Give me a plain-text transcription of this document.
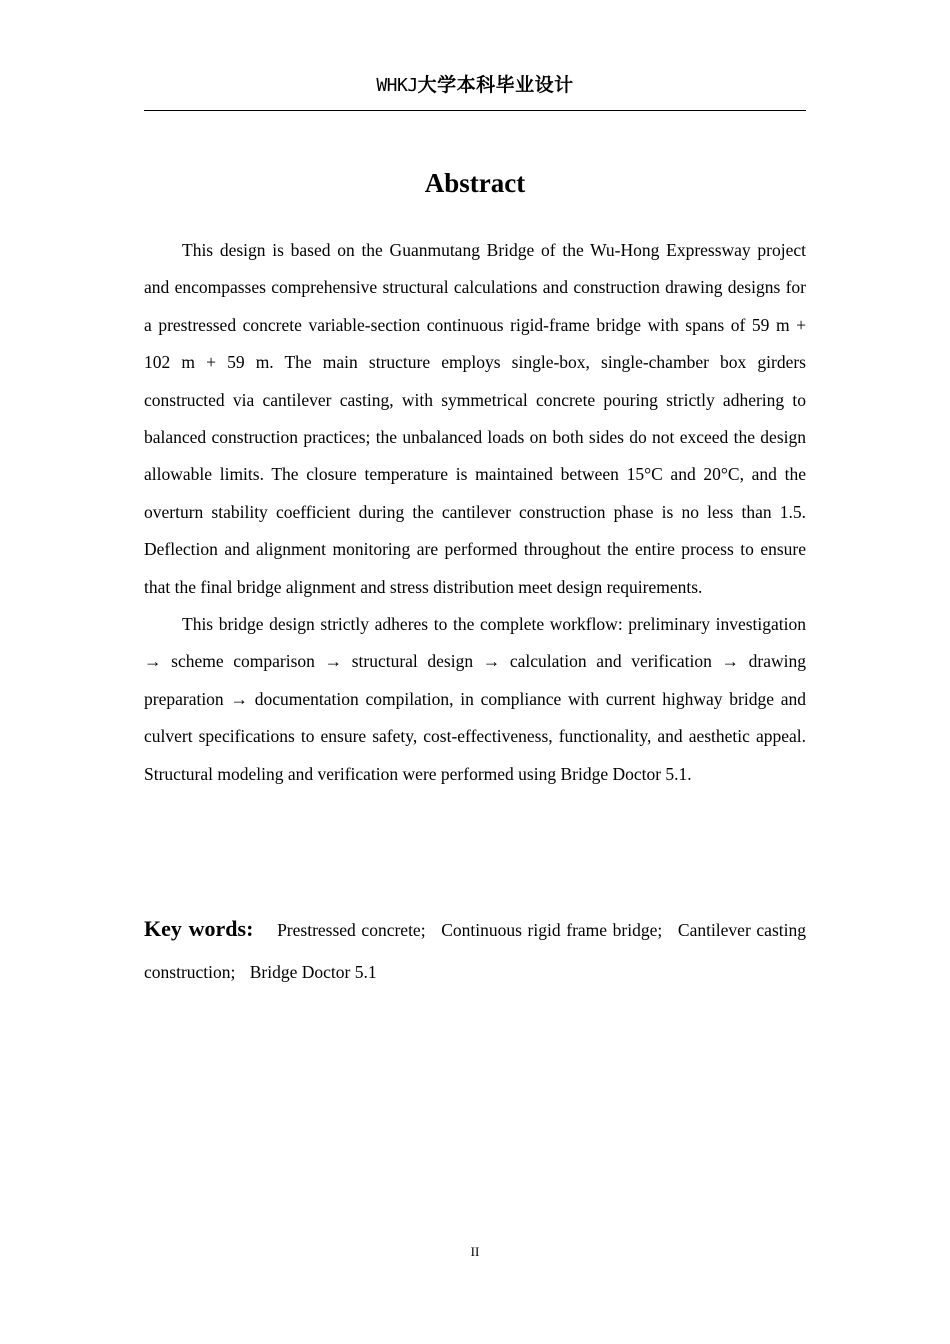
WHKJ大学本科毕业设计
Abstract

This design is based on the Guanmutang Bridge of the Wu-Hong Expressway project and encompasses comprehensive structural calculations and construction drawing designs for a prestressed concrete variable-section continuous rigid-frame bridge with spans of 59 m + 102 m + 59 m. The main structure employs single-box, single-chamber box girders constructed via cantilever casting, with symmetrical concrete pouring strictly adhering to balanced construction practices; the unbalanced loads on both sides do not exceed the design allowable limits. The closure temperature is maintained between 15°C and 20°C, and the overturn stability coefficient during the cantilever construction phase is no less than 1.5. Deflection and alignment monitoring are performed throughout the entire process to ensure that the final bridge alignment and stress distribution meet design requirements.

This bridge design strictly adheres to the complete workflow: preliminary investigation → scheme comparison → structural design → calculation and verification → drawing preparation → documentation compilation, in compliance with current highway bridge and culvert specifications to ensure safety, cost-effectiveness, functionality, and aesthetic appeal. Structural modeling and verification were performed using Bridge Doctor 5.1.

Key words: Prestressed concrete; Continuous rigid frame bridge; Cantilever casting construction; Bridge Doctor 5.1
II
